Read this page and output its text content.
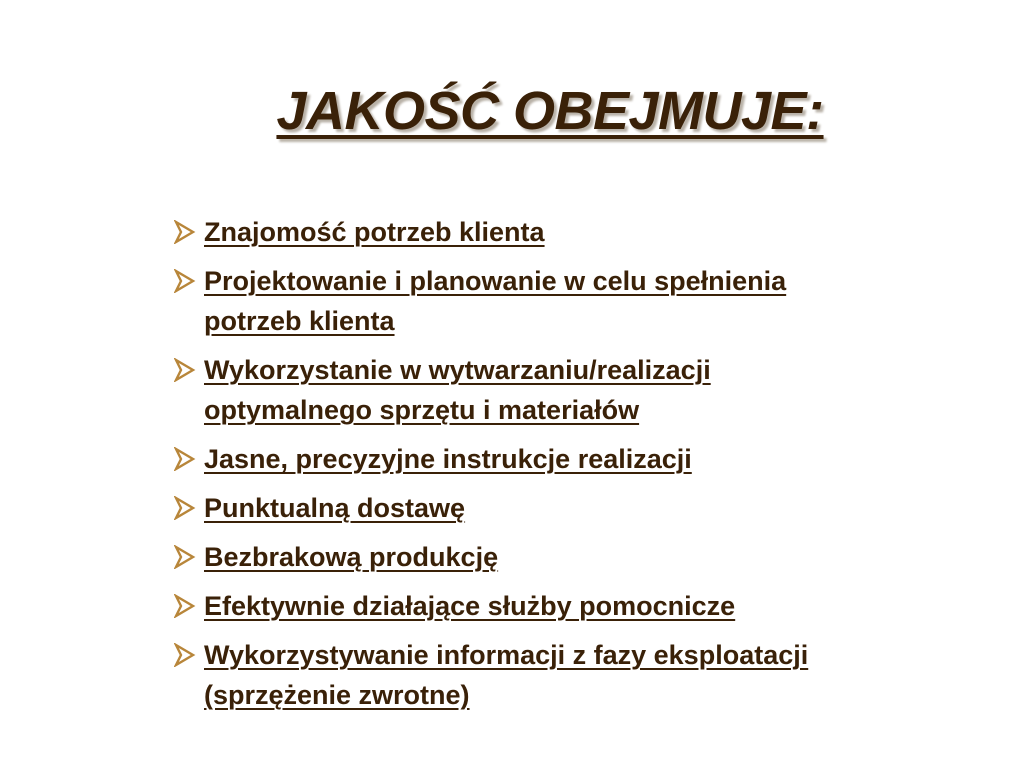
JAKOŚĆ OBEJMUJE:
Znajomość potrzeb klienta
Projektowanie i planowanie w celu spełnienia
potrzeb klienta
Wykorzystanie w wytwarzaniu/realizacji
optymalnego sprzętu i materiałów
Jasne, precyzyjne instrukcje realizacji
Punktualną dostawę
Bezbrakową produkcję
Efektywnie działające służby pomocnicze
Wykorzystywanie informacji z fazy eksploatacji
(sprzężenie zwrotne)
